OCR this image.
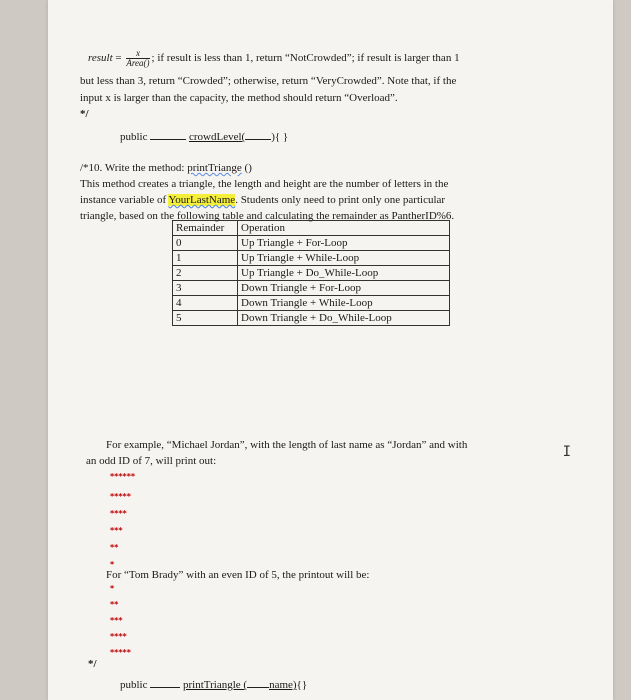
result = $\frac{x}{\text{Area()}}$ ; if result is less than 1, return “NotCrowded”; if result is larger than 1
but less than 3, return “Crowded”; otherwise, return “VeryCrowded”. Note that, if the
input x is larger than the capacity, the method should return “Overload”.
*/
public	crowdLevel( ){ }
/*10. Write the method: printTriange ()
This method creates a triangle, the length and height are the number of letters in the
instance variable of YourLastName. Students only need to print only one particular
triangle, based on the following table and calculating the remainder as PantherID%6.
Remainder	Operation
0	Up Triangle + For-Loop
1	Up Triangle + While-Loop
2	Up Triangle + Do_While-Loop
3	Down Triangle + For-Loop
4	Down Triangle + While-Loop
5	Down Triangle + Do_While-Loop
For example, “Michael Jordan”, with the length of last name as “Jordan” and with
an odd ID of 7, will print out:
******
*****
****
***
**
*
For “Tom Brady” with an even ID of 5, the printout will be:
*
**
***
****
*****
*/
public	printTriangle ( name){}
I
